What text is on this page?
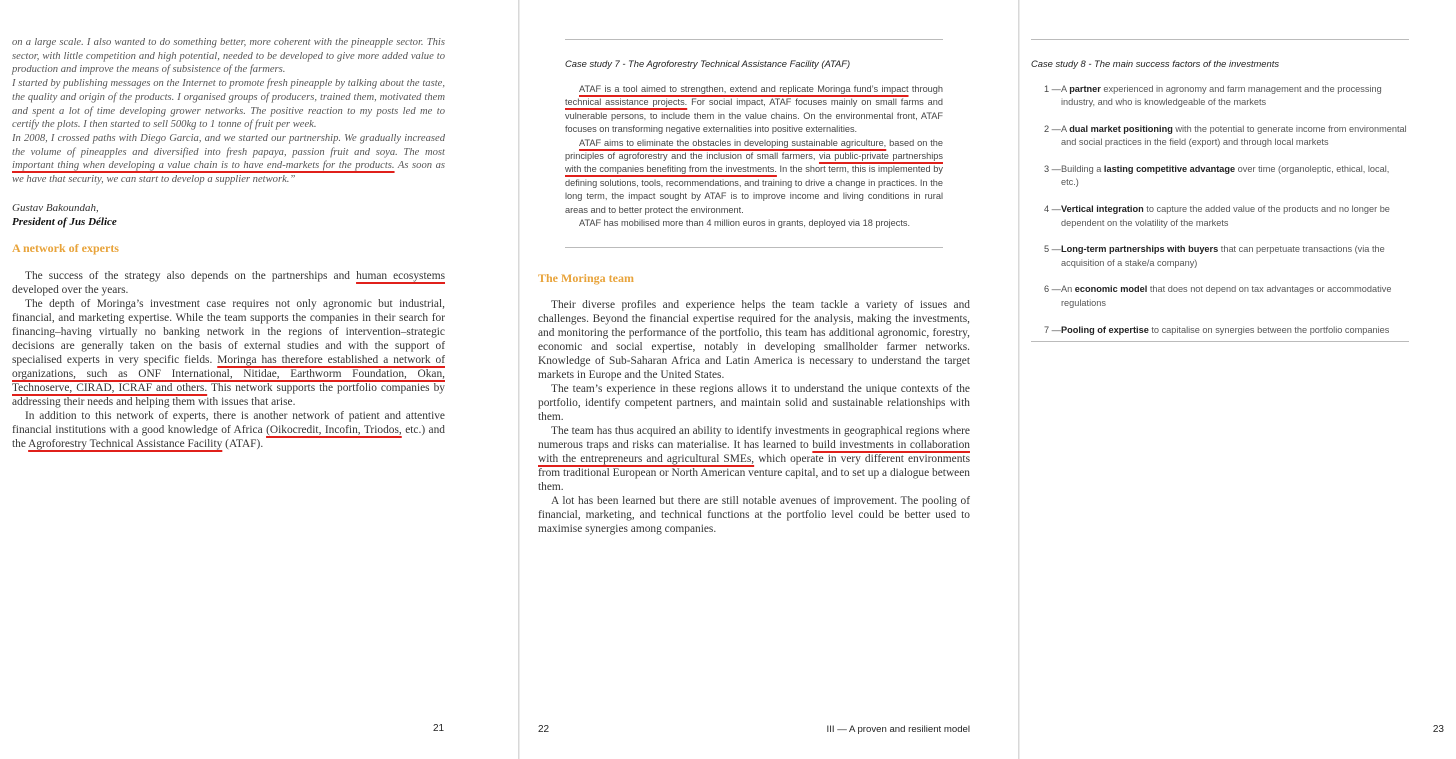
on a large scale. I also wanted to do something better, more coherent with the pineapple sector. This sector, with little competition and high potential, needed to be developed to give more added value to production and improve the means of subsistence of the farmers.

I started by publishing messages on the Internet to promote fresh pineapple by talking about the taste, the quality and origin of the products. I organised groups of producers, trained them, motivated them and spent a lot of time developing grower networks. The positive reaction to my posts led me to certify the plots. I then started to sell 500kg to 1 tonne of fruit per week.

In 2008, I crossed paths with Diego Garcia, and we started our partnership. We gradually increased the volume of pineapples and diversified into fresh papaya, passion fruit and soya. The most important thing when developing a value chain is to have end-markets for the products. As soon as we have that security, we can start to develop a supplier network.”

Gustav Bakoundah,
President of Jus Délice
A network of experts

The success of the strategy also depends on the partnerships and human ecosystems developed over the years.

The depth of Moringa’s investment case requires not only agronomic but industrial, financial, and marketing expertise. While the team supports the companies in their search for financing–having virtually no banking network in the regions of intervention–strategic decisions are generally taken on the basis of external studies and with the support of specialised experts in very specific fields. Moringa has therefore established a network of organizations, such as ONF International, Nitidae, Earthworm Foundation, Okan, Technoserve, CIRAD, ICRAF and others. This network supports the portfolio companies by addressing their needs and helping them with issues that arise.

In addition to this network of experts, there is another network of patient and attentive financial institutions with a good knowledge of Africa (Oikocredit, Incofin, Triodos, etc.) and the Agroforestry Technical Assistance Facility (ATAF).

21
Case study 7 - The Agroforestry Technical Assistance Facility (ATAF)

ATAF is a tool aimed to strengthen, extend and replicate Moringa fund’s impact through technical assistance projects. For social impact, ATAF focuses mainly on small farms and vulnerable persons, to include them in the value chains. On the environmental front, ATAF focuses on transforming negative externalities into positive externalities.

ATAF aims to eliminate the obstacles in developing sustainable agriculture, based on the principles of agroforestry and the inclusion of small farmers, via public-private partnerships with the companies benefiting from the investments. In the short term, this is implemented by defining solutions, tools, recommendations, and training to drive a change in practices. In the long term, the impact sought by ATAF is to improve income and living conditions in rural areas and to better protect the environment.

ATAF has mobilised more than 4 million euros in grants, deployed via 18 projects.

The Moringa team

Their diverse profiles and experience helps the team tackle a variety of issues and challenges. Beyond the financial expertise required for the analysis, making the investments, and monitoring the performance of the portfolio, this team has additional agronomic, forestry, economic and social expertise, notably in developing smallholder farmer networks. Knowledge of Sub-Saharan Africa and Latin America is necessary to understand the target markets in Europe and the United States.

The team’s experience in these regions allows it to understand the unique contexts of the portfolio, identify competent partners, and maintain solid and sustainable relationships with them.

The team has thus acquired an ability to identify investments in geographical regions where numerous traps and risks can materialise. It has learned to build investments in collaboration with the entrepreneurs and agricultural SMEs, which operate in very different environments from traditional European or North American venture capital, and to set up a dialogue between them.

A lot has been learned but there are still notable avenues of improvement. The pooling of financial, marketing, and technical functions at the portfolio level could be better used to maximise synergies among companies.

22	III — A proven and resilient model
Case study 8 - The main success factors of the investments
1 — A partner experienced in agronomy and farm management and the processing industry, and who is knowledgeable of the markets
2 — A dual market positioning with the potential to generate income from environmental and social practices in the field (export) and through local markets
3 — Building a lasting competitive advantage over time (organoleptic, ethical, local, etc.)
4 — Vertical integration to capture the added value of the products and no longer be dependent on the volatility of the markets
5 — Long-term partnerships with buyers that can perpetuate transactions (via the acquisition of a stake/a company)
6 — An economic model that does not depend on tax advantages or accommodative regulations
7 — Pooling of expertise to capitalise on synergies between the portfolio companies
23
